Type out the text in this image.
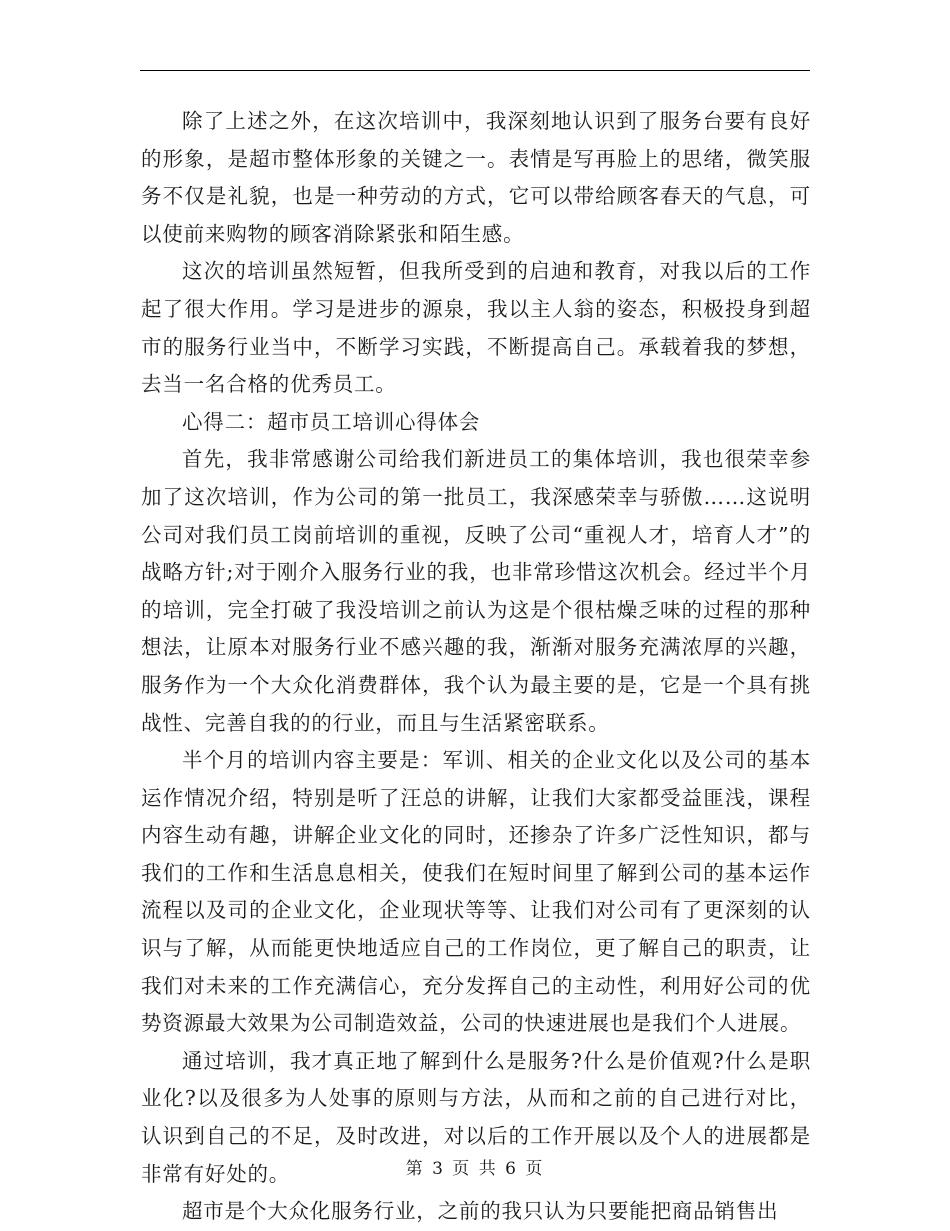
除了上述之外，在这次培训中，我深刻地认识到了服务台要有良好的形象，是超市整体形象的关键之一。表情是写再脸上的思绪，微笑服务不仅是礼貌，也是一种劳动的方式，它可以带给顾客春天的气息，可以使前来购物的顾客消除紧张和陌生感。

这次的培训虽然短暂，但我所受到的启迪和教育，对我以后的工作起了很大作用。学习是进步的源泉，我以主人翁的姿态，积极投身到超市的服务行业当中，不断学习实践，不断提高自己。承载着我的梦想，去当一名合格的优秀员工。

心得二：超市员工培训心得体会

首先，我非常感谢公司给我们新进员工的集体培训，我也很荣幸参加了这次培训，作为公司的第一批员工，我深感荣幸与骄傲……这说明公司对我们员工岗前培训的重视，反映了公司“重视人才，培育人才”的战略方针;对于刚介入服务行业的我，也非常珍惜这次机会。经过半个月的培训，完全打破了我没培训之前认为这是个很枯燥乏味的过程的那种想法，让原本对服务行业不感兴趣的我，渐渐对服务充满浓厚的兴趣，服务作为一个大众化消费群体，我个认为最主要的是，它是一个具有挑战性、完善自我的的行业，而且与生活紧密联系。

半个月的培训内容主要是：军训、相关的企业文化以及公司的基本运作情况介绍，特别是听了汪总的讲解，让我们大家都受益匪浅，课程内容生动有趣，讲解企业文化的同时，还掺杂了许多广泛性知识，都与我们的工作和生活息息相关，使我们在短时间里了解到公司的基本运作流程以及司的企业文化，企业现状等等、让我们对公司有了更深刻的认识与了解，从而能更快地适应自己的工作岗位，更了解自己的职责，让我们对未来的工作充满信心，充分发挥自己的主动性，利用好公司的优势资源最大效果为公司制造效益，公司的快速进展也是我们个人进展。

通过培训，我才真正地了解到什么是服务?什么是价值观?什么是职业化?以及很多为人处事的原则与方法，从而和之前的自己进行对比，认识到自己的不足，及时改进，对以后的工作开展以及个人的进展都是非常有好处的。

超市是个大众化服务行业，之前的我只认为只要能把商品销售出

第 3 页 共 6 页
